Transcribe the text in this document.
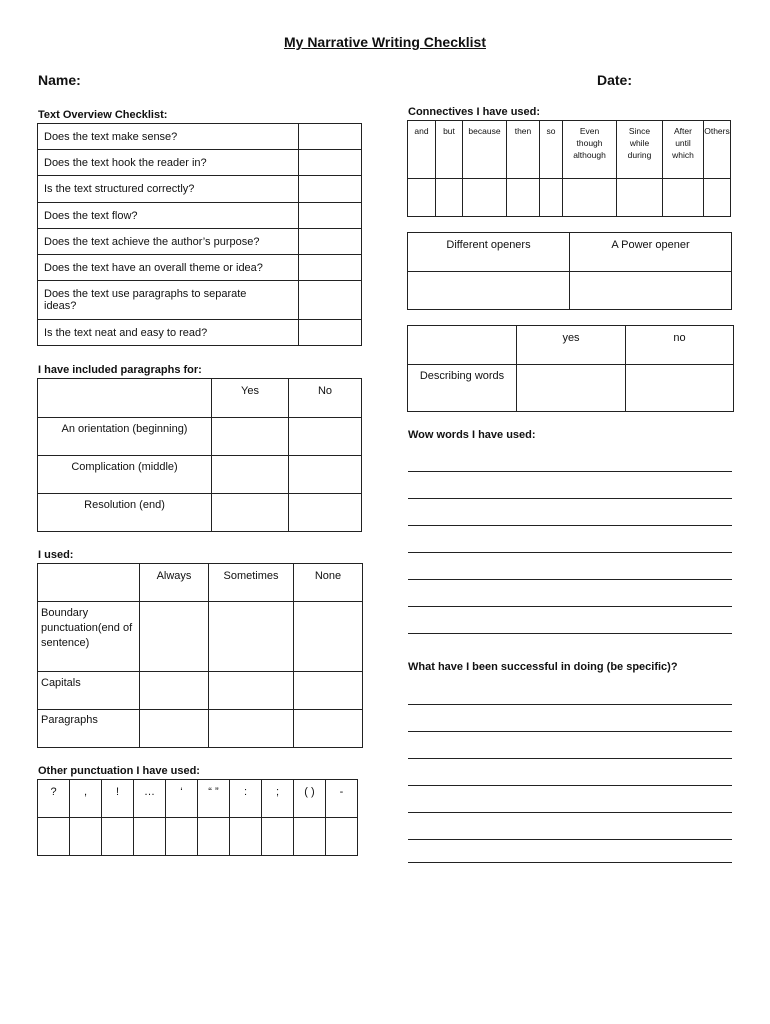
My Narrative Writing Checklist
Name:	Date:
Text Overview Checklist:
Does the text make sense?	
Does the text hook the reader in?	
Is the text structured correctly?	
Does the text flow?	
Does the text achieve the author’s purpose?	
Does the text have an overall theme or idea?	
Does the text use paragraphs to separate ideas?	
Is the text neat and easy to read?	
I have included paragraphs for:
	Yes	No
An orientation (beginning)		
Complication (middle)		
Resolution (end)		
I used:
	Always	Sometimes	None
Boundary punctuation(end of sentence)			
Capitals			
Paragraphs			
Other punctuation I have used:
?	,	!	…	‘	“ ”	:	;	( )	-

Connectives I have used:
and	but	because	then	so	Even though although	Since while during	After until which	Others

Different openers	A Power opener

	yes	no
Describing words		
Wow words I have used:
What have I been successful in doing (be specific)?
